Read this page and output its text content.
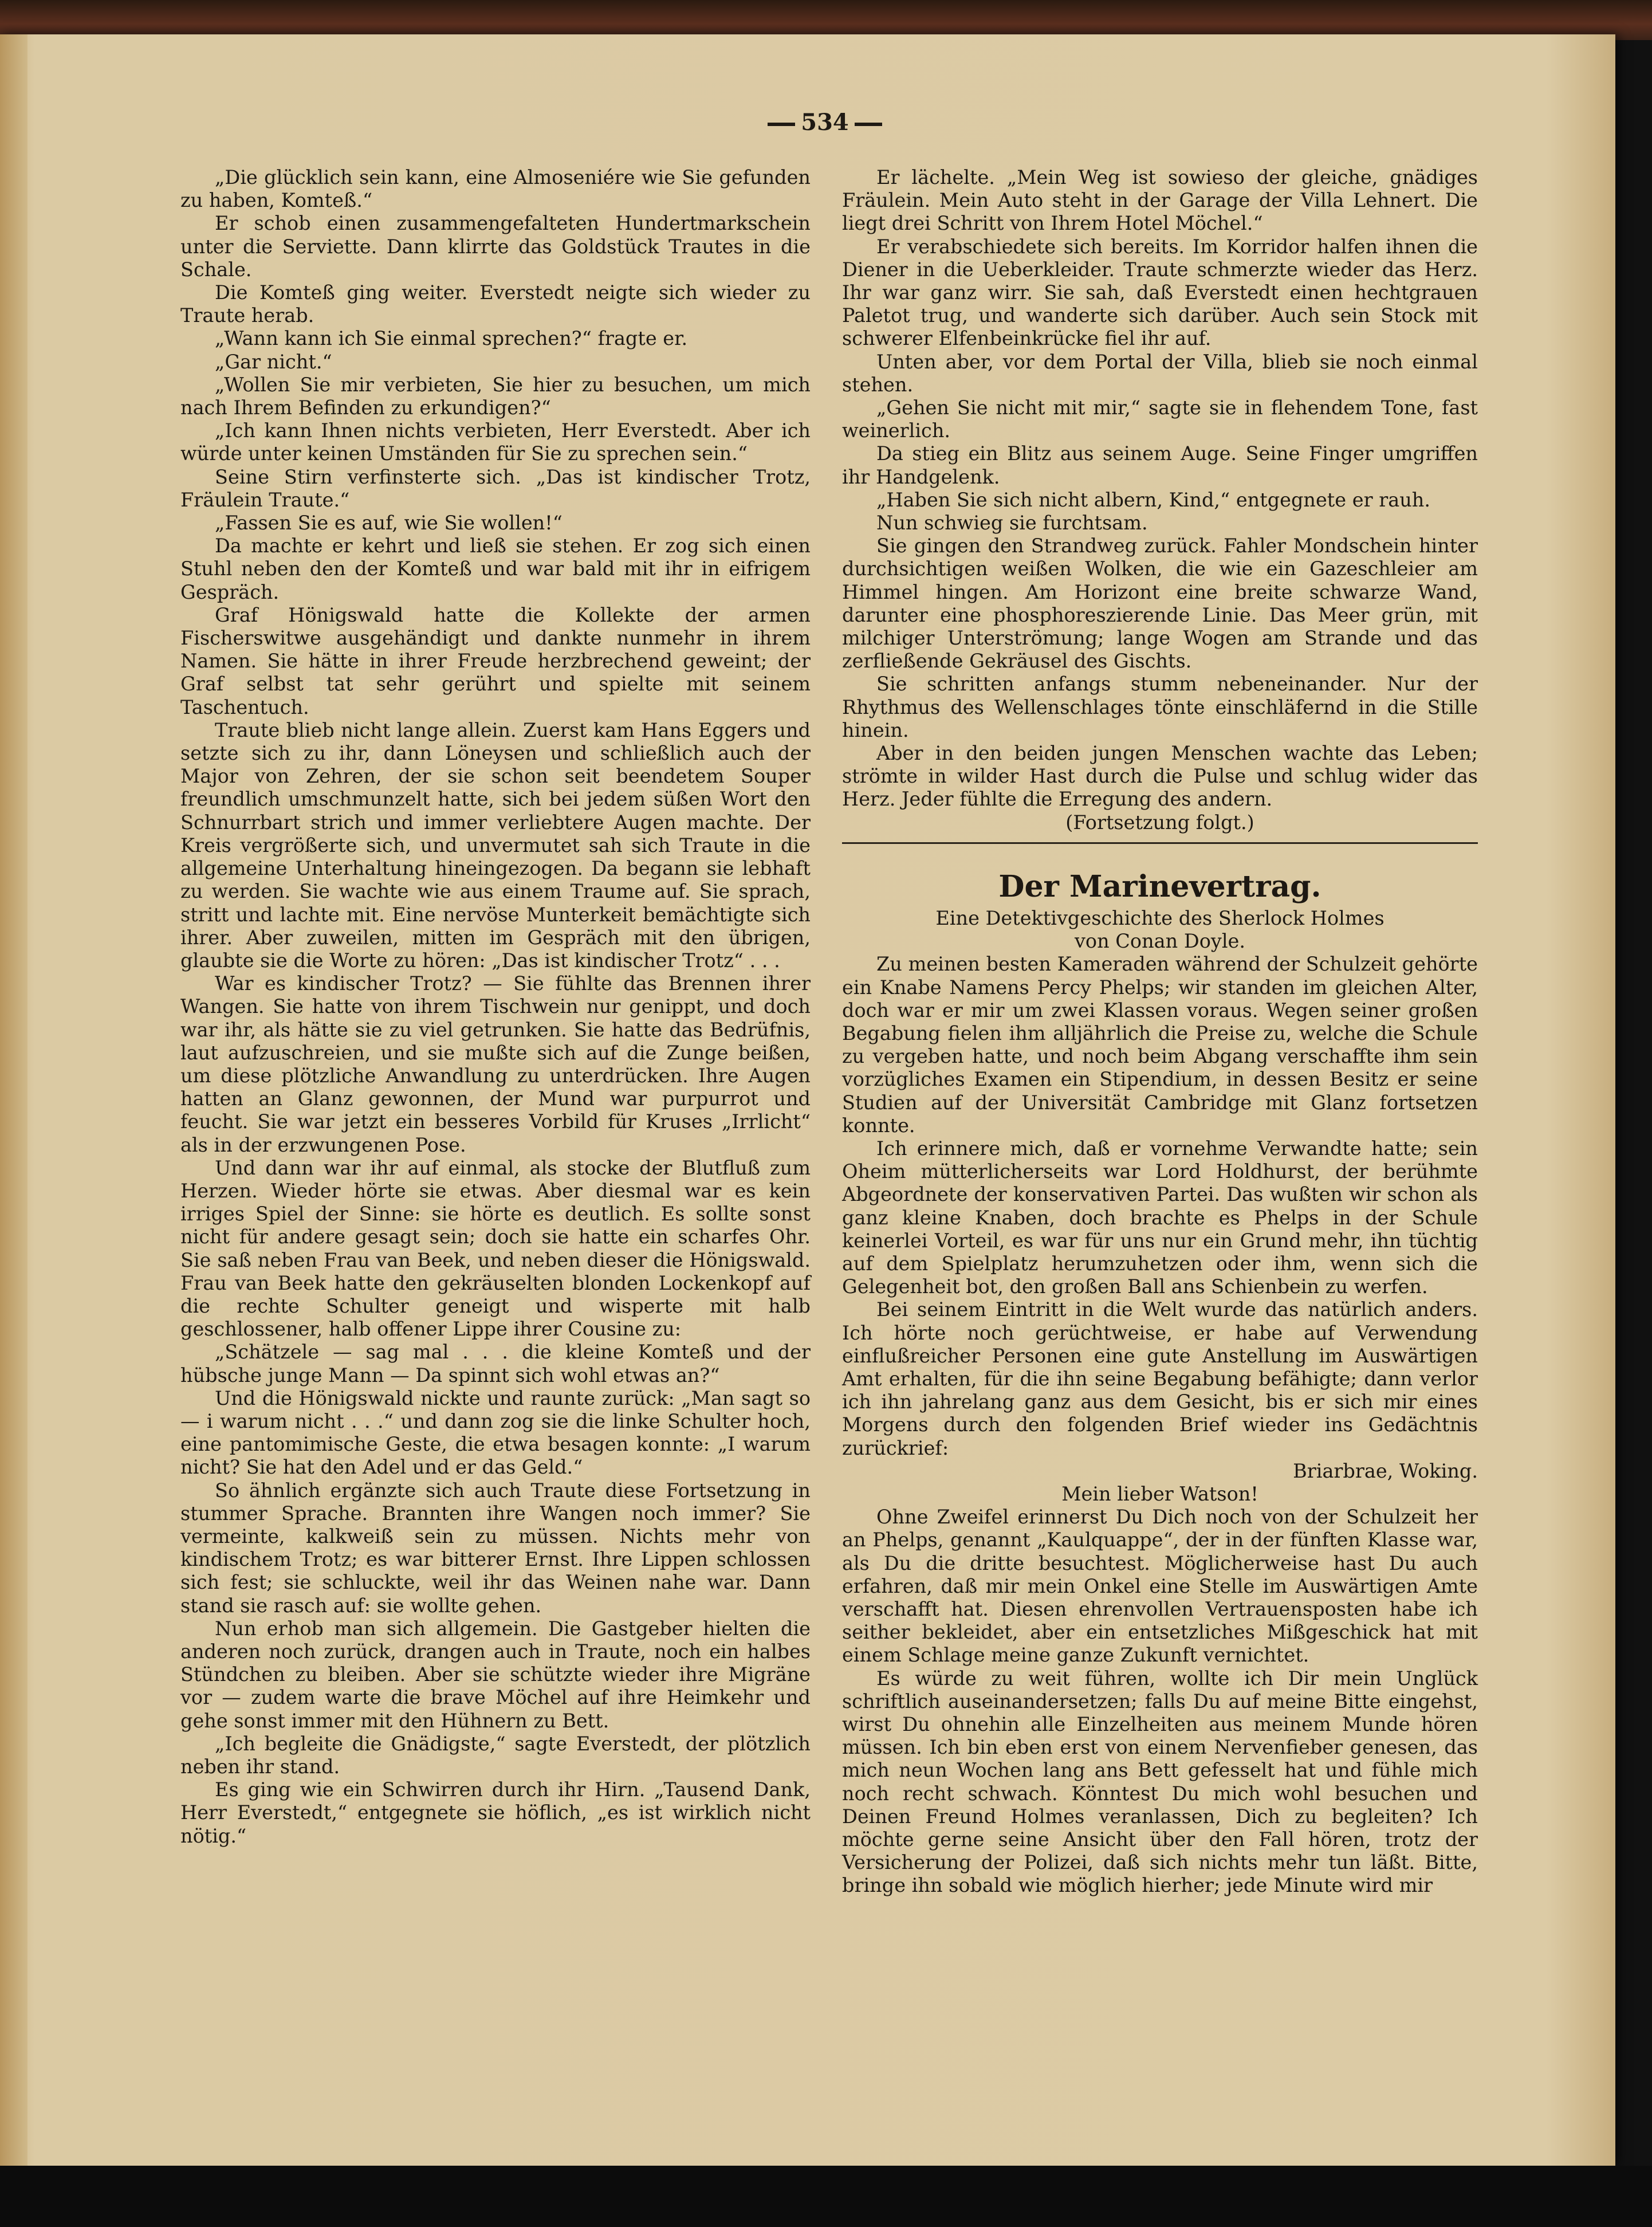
534

„Die glücklich sein kann, eine Almoseniére wie Sie gefunden zu haben, Komteß.“

Er schob einen zusammengefalteten Hundertmarkschein unter die Serviette. Dann klirrte das Goldstück Trautes in die Schale.

Die Komteß ging weiter. Everstedt neigte sich wieder zu Traute herab.

„Wann kann ich Sie einmal sprechen?“ fragte er.

„Gar nicht.“

„Wollen Sie mir verbieten, Sie hier zu besuchen, um mich nach Ihrem Befinden zu erkundigen?“

„Ich kann Ihnen nichts verbieten, Herr Everstedt. Aber ich würde unter keinen Umständen für Sie zu sprechen sein.“

Seine Stirn verfinsterte sich. „Das ist kindischer Trotz, Fräulein Traute.“

„Fassen Sie es auf, wie Sie wollen!“

Da machte er kehrt und ließ sie stehen. Er zog sich einen Stuhl neben den der Komteß und war bald mit ihr in eifrigem Gespräch.

Graf Hönigswald hatte die Kollekte der armen Fischerswitwe ausgehändigt und dankte nunmehr in ihrem Namen. Sie hätte in ihrer Freude herzbrechend geweint; der Graf selbst tat sehr gerührt und spielte mit seinem Taschentuch.

Traute blieb nicht lange allein. Zuerst kam Hans Eggers und setzte sich zu ihr, dann Löneysen und schließlich auch der Major von Zehren, der sie schon seit beendetem Souper freundlich umschmunzelt hatte, sich bei jedem süßen Wort den Schnurrbart strich und immer verliebtere Augen machte. Der Kreis vergrößerte sich, und unvermutet sah sich Traute in die allgemeine Unterhaltung hineingezogen. Da begann sie lebhaft zu werden. Sie wachte wie aus einem Traume auf. Sie sprach, stritt und lachte mit. Eine nervöse Munterkeit bemächtigte sich ihrer. Aber zuweilen, mitten im Gespräch mit den übrigen, glaubte sie die Worte zu hören: „Das ist kindischer Trotz“ . . .

War es kindischer Trotz? — Sie fühlte das Brennen ihrer Wangen. Sie hatte von ihrem Tischwein nur genippt, und doch war ihr, als hätte sie zu viel getrunken. Sie hatte das Bedrüfnis, laut aufzuschreien, und sie mußte sich auf die Zunge beißen, um diese plötzliche Anwandlung zu unterdrücken. Ihre Augen hatten an Glanz gewonnen, der Mund war purpurrot und feucht. Sie war jetzt ein besseres Vorbild für Kruses „Irrlicht“ als in der erzwungenen Pose.

Und dann war ihr auf einmal, als stocke der Blutfluß zum Herzen. Wieder hörte sie etwas. Aber diesmal war es kein irriges Spiel der Sinne: sie hörte es deutlich. Es sollte sonst nicht für andere gesagt sein; doch sie hatte ein scharfes Ohr. Sie saß neben Frau van Beek, und neben dieser die Hönigswald. Frau van Beek hatte den gekräuselten blonden Lockenkopf auf die rechte Schulter geneigt und wisperte mit halb geschlossener, halb offener Lippe ihrer Cousine zu:

„Schätzele — sag mal . . . die kleine Komteß und der hübsche junge Mann — Da spinnt sich wohl etwas an?“

Und die Hönigswald nickte und raunte zurück: „Man sagt so — i warum nicht . . .“ und dann zog sie die linke Schulter hoch, eine pantomimische Geste, die etwa besagen konnte: „I warum nicht? Sie hat den Adel und er das Geld.“

So ähnlich ergänzte sich auch Traute diese Fortsetzung in stummer Sprache. Brannten ihre Wangen noch immer? Sie vermeinte, kalkweiß sein zu müssen. Nichts mehr von kindischem Trotz; es war bitterer Ernst. Ihre Lippen schlossen sich fest; sie schluckte, weil ihr das Weinen nahe war. Dann stand sie rasch auf: sie wollte gehen.

Nun erhob man sich allgemein. Die Gastgeber hielten die anderen noch zurück, drangen auch in Traute, noch ein halbes Stündchen zu bleiben. Aber sie schützte wieder ihre Migräne vor — zudem warte die brave Möchel auf ihre Heimkehr und gehe sonst immer mit den Hühnern zu Bett.

„Ich begleite die Gnädigste,“ sagte Everstedt, der plötzlich neben ihr stand.

Es ging wie ein Schwirren durch ihr Hirn. „Tausend Dank, Herr Everstedt,“ entgegnete sie höflich, „es ist wirklich nicht nötig.“

Er lächelte. „Mein Weg ist sowieso der gleiche, gnädiges Fräulein. Mein Auto steht in der Garage der Villa Lehnert. Die liegt drei Schritt von Ihrem Hotel Möchel.“

Er verabschiedete sich bereits. Im Korridor halfen ihnen die Diener in die Ueberkleider. Traute schmerzte wieder das Herz. Ihr war ganz wirr. Sie sah, daß Everstedt einen hechtgrauen Paletot trug, und wanderte sich darüber. Auch sein Stock mit schwerer Elfenbeinkrücke fiel ihr auf.

Unten aber, vor dem Portal der Villa, blieb sie noch einmal stehen.

„Gehen Sie nicht mit mir,“ sagte sie in flehendem Tone, fast weinerlich.

Da stieg ein Blitz aus seinem Auge. Seine Finger umgriffen ihr Handgelenk.

„Haben Sie sich nicht albern, Kind,“ entgegnete er rauh.

Nun schwieg sie furchtsam.

Sie gingen den Strandweg zurück. Fahler Mondschein hinter durchsichtigen weißen Wolken, die wie ein Gazeschleier am Himmel hingen. Am Horizont eine breite schwarze Wand, darunter eine phosphoreszierende Linie. Das Meer grün, mit milchiger Unterströmung; lange Wogen am Strande und das zerfließende Gekräusel des Gischts.

Sie schritten anfangs stumm nebeneinander. Nur der Rhythmus des Wellenschlages tönte einschläfernd in die Stille hinein.

Aber in den beiden jungen Menschen wachte das Leben; strömte in wilder Hast durch die Pulse und schlug wider das Herz. Jeder fühlte die Erregung des andern.

(Fortsetzung folgt.)

Der Marinevertrag.

Eine Detektivgeschichte des Sherlock Holmes

von Conan Doyle.

Zu meinen besten Kameraden während der Schulzeit gehörte ein Knabe Namens Percy Phelps; wir standen im gleichen Alter, doch war er mir um zwei Klassen voraus. Wegen seiner großen Begabung fielen ihm alljährlich die Preise zu, welche die Schule zu vergeben hatte, und noch beim Abgang verschaffte ihm sein vorzügliches Examen ein Stipendium, in dessen Besitz er seine Studien auf der Universität Cambridge mit Glanz fortsetzen konnte.

Ich erinnere mich, daß er vornehme Verwandte hatte; sein Oheim mütterlicherseits war Lord Holdhurst, der berühmte Abgeordnete der konservativen Partei. Das wußten wir schon als ganz kleine Knaben, doch brachte es Phelps in der Schule keinerlei Vorteil, es war für uns nur ein Grund mehr, ihn tüchtig auf dem Spielplatz herumzuhetzen oder ihm, wenn sich die Gelegenheit bot, den großen Ball ans Schienbein zu werfen.

Bei seinem Eintritt in die Welt wurde das natürlich anders. Ich hörte noch gerüchtweise, er habe auf Verwendung einflußreicher Personen eine gute Anstellung im Auswärtigen Amt erhalten, für die ihn seine Begabung befähigte; dann verlor ich ihn jahrelang ganz aus dem Gesicht, bis er sich mir eines Morgens durch den folgenden Brief wieder ins Gedächtnis zurückrief:

Briarbrae, Woking.

Mein lieber Watson!

Ohne Zweifel erinnerst Du Dich noch von der Schulzeit her an Phelps, genannt „Kaulquappe“, der in der fünften Klasse war, als Du die dritte besuchtest. Möglicherweise hast Du auch erfahren, daß mir mein Onkel eine Stelle im Auswärtigen Amte verschafft hat. Diesen ehrenvollen Vertrauensposten habe ich seither bekleidet, aber ein entsetzliches Mißgeschick hat mit einem Schlage meine ganze Zukunft vernichtet.

Es würde zu weit führen, wollte ich Dir mein Unglück schriftlich auseinandersetzen; falls Du auf meine Bitte eingehst, wirst Du ohnehin alle Einzelheiten aus meinem Munde hören müssen. Ich bin eben erst von einem Nervenfieber genesen, das mich neun Wochen lang ans Bett gefesselt hat und fühle mich noch recht schwach. Könntest Du mich wohl besuchen und Deinen Freund Holmes veranlassen, Dich zu begleiten? Ich möchte gerne seine Ansicht über den Fall hören, trotz der Versicherung der Polizei, daß sich nichts mehr tun läßt. Bitte, bringe ihn sobald wie möglich hierher; jede Minute wird mir
